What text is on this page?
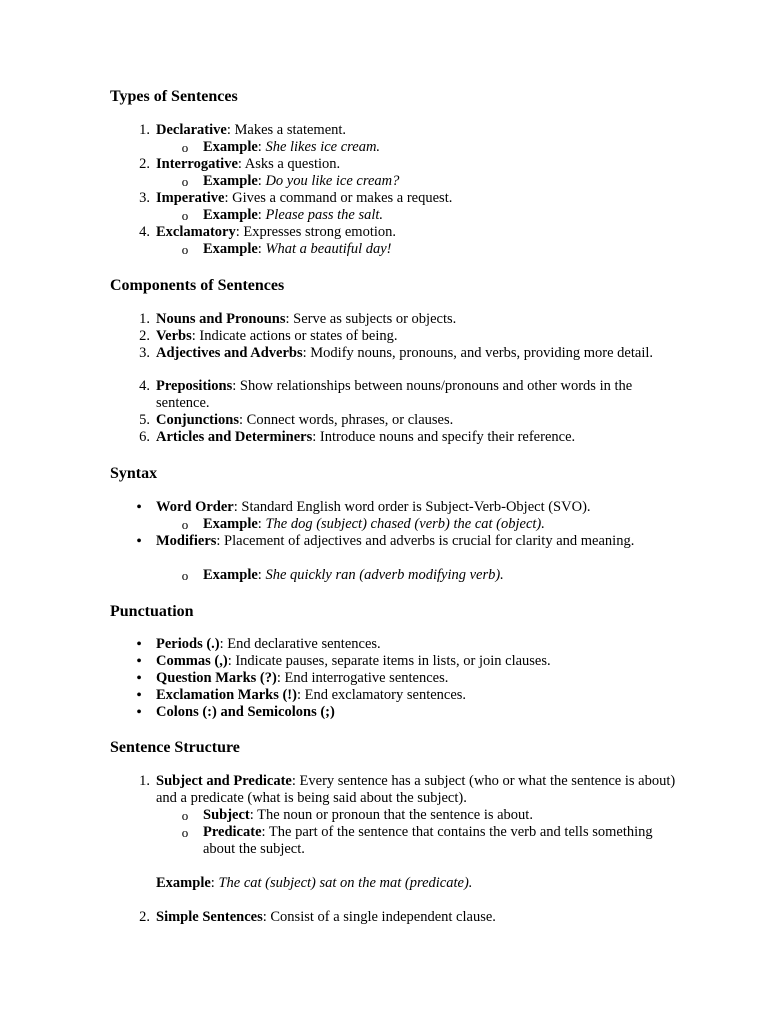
Types of Sentences
1. Declarative: Makes a statement.
o Example: She likes ice cream.
2. Interrogative: Asks a question.
o Example: Do you like ice cream?
3. Imperative: Gives a command or makes a request.
o Example: Please pass the salt.
4. Exclamatory: Expresses strong emotion.
o Example: What a beautiful day!
Components of Sentences
1. Nouns and Pronouns: Serve as subjects or objects.
2. Verbs: Indicate actions or states of being.
3. Adjectives and Adverbs: Modify nouns, pronouns, and verbs, providing more detail.
4. Prepositions: Show relationships between nouns/pronouns and other words in the sentence.
5. Conjunctions: Connect words, phrases, or clauses.
6. Articles and Determiners: Introduce nouns and specify their reference.
Syntax
• Word Order: Standard English word order is Subject-Verb-Object (SVO).
o Example: The dog (subject) chased (verb) the cat (object).
• Modifiers: Placement of adjectives and adverbs is crucial for clarity and meaning.
o Example: She quickly ran (adverb modifying verb).
Punctuation
• Periods (.): End declarative sentences.
• Commas (,): Indicate pauses, separate items in lists, or join clauses.
• Question Marks (?): End interrogative sentences.
• Exclamation Marks (!): End exclamatory sentences.
• Colons (:) and Semicolons (;)
Sentence Structure
1. Subject and Predicate: Every sentence has a subject (who or what the sentence is about) and a predicate (what is being said about the subject).
o Subject: The noun or pronoun that the sentence is about.
o Predicate: The part of the sentence that contains the verb and tells something about the subject.
Example: The cat (subject) sat on the mat (predicate).
2. Simple Sentences: Consist of a single independent clause.
